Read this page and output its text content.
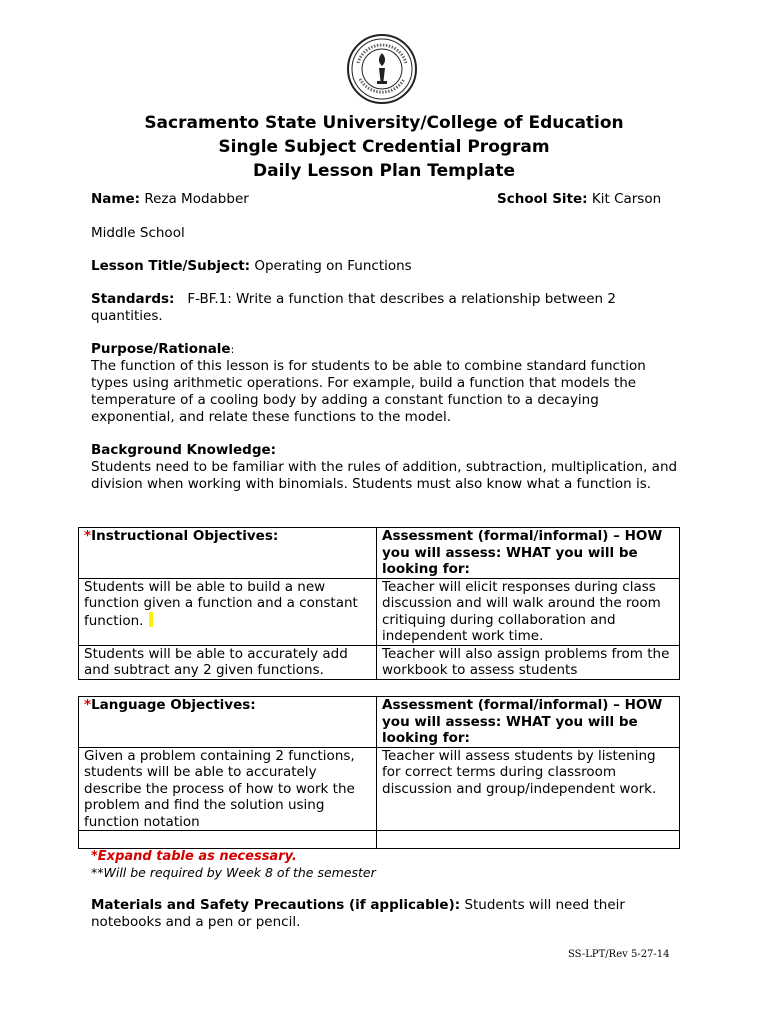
Sacramento State University/College of Education
Single Subject Credential Program
Daily Lesson Plan Template
Name: Reza Modabber	School Site: Kit Carson
Middle School
Lesson Title/Subject: Operating on Functions
Standards: F-BF.1: Write a function that describes a relationship between 2 quantities.
Purpose/Rationale:
The function of this lesson is for students to be able to combine standard function types using arithmetic operations. For example, build a function that models the temperature of a cooling body by adding a constant function to a decaying exponential, and relate these functions to the model.
Background Knowledge:
Students need to be familiar with the rules of addition, subtraction, multiplication, and division when working with binomials. Students must also know what a function is.
*Instructional Objectives:	Assessment (formal/informal) – HOW you will assess: WHAT you will be looking for:
Students will be able to build a new function given a function and a constant function.	Teacher will elicit responses during class discussion and will walk around the room critiquing during collaboration and independent work time.
Students will be able to accurately add and subtract any 2 given functions.	Teacher will also assign problems from the workbook to assess students
*Language Objectives:	Assessment (formal/informal) – HOW you will assess: WHAT you will be looking for:
Given a problem containing 2 functions, students will be able to accurately describe the process of how to work the problem and find the solution using function notation	Teacher will assess students by listening for correct terms during classroom discussion and group/independent work.

*Expand table as necessary.
**Will be required by Week 8 of the semester
Materials and Safety Precautions (if applicable): Students will need their notebooks and a pen or pencil.
SS-LPT/Rev 5-27-14
